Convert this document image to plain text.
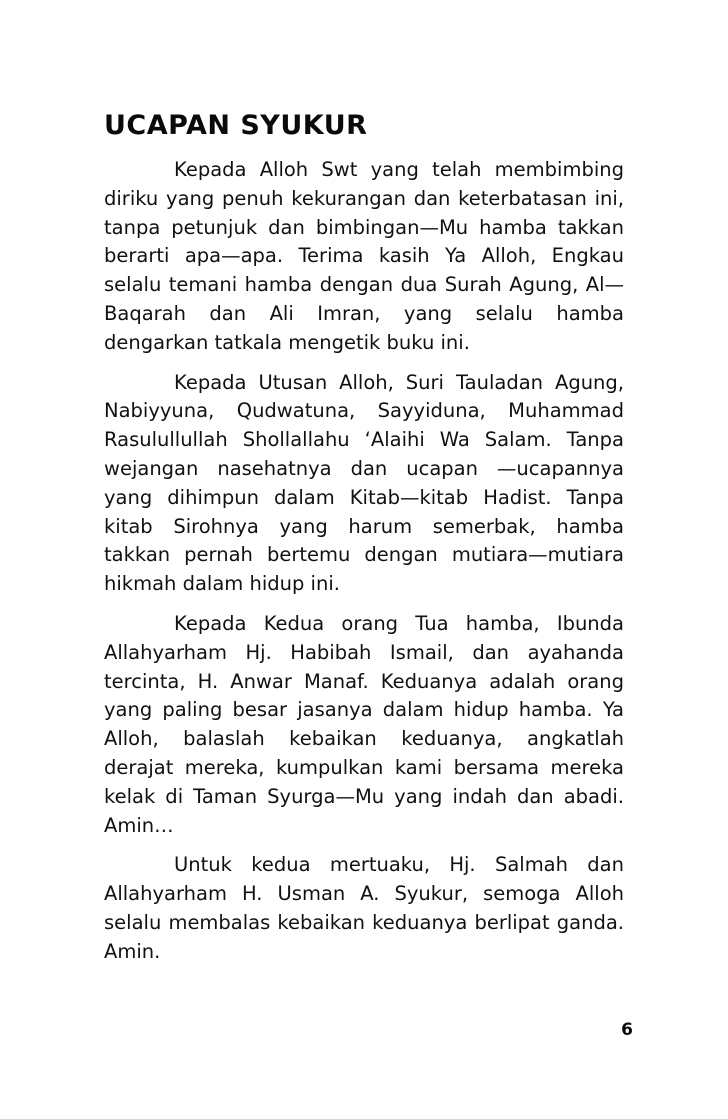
UCAPAN SYUKUR

Kepada Alloh Swt yang telah membimbing diriku yang penuh kekurangan dan keterbatasan ini, tanpa petunjuk dan bimbingan—Mu hamba takkan berarti apa—apa. Terima kasih Ya Alloh, Engkau selalu temani hamba dengan dua Surah Agung, Al—Baqarah dan Ali Imran, yang selalu hamba dengarkan tatkala mengetik buku ini.

Kepada Utusan Alloh, Suri Tauladan Agung, Nabiyyuna, Qudwatuna, Sayyiduna, Muhammad Rasulullullah Shollallahu ‘Alaihi Wa Salam. Tanpa wejangan nasehatnya dan ucapan —ucapannya yang dihimpun dalam Kitab—kitab Hadist. Tanpa kitab Sirohnya yang harum semerbak, hamba takkan pernah bertemu dengan mutiara—mutiara hikmah dalam hidup ini.

Kepada Kedua orang Tua hamba, Ibunda Allahyarham Hj. Habibah Ismail, dan ayahanda tercinta, H. Anwar Manaf. Keduanya adalah orang yang paling besar jasanya dalam hidup hamba. Ya Alloh, balaslah kebaikan keduanya, angkatlah derajat mereka, kumpulkan kami bersama mereka kelak di Taman Syurga—Mu yang indah dan abadi. Amin…

Untuk kedua mertuaku, Hj. Salmah dan Allahyarham H. Usman A. Syukur, semoga Alloh selalu membalas kebaikan keduanya berlipat ganda. Amin.

6
